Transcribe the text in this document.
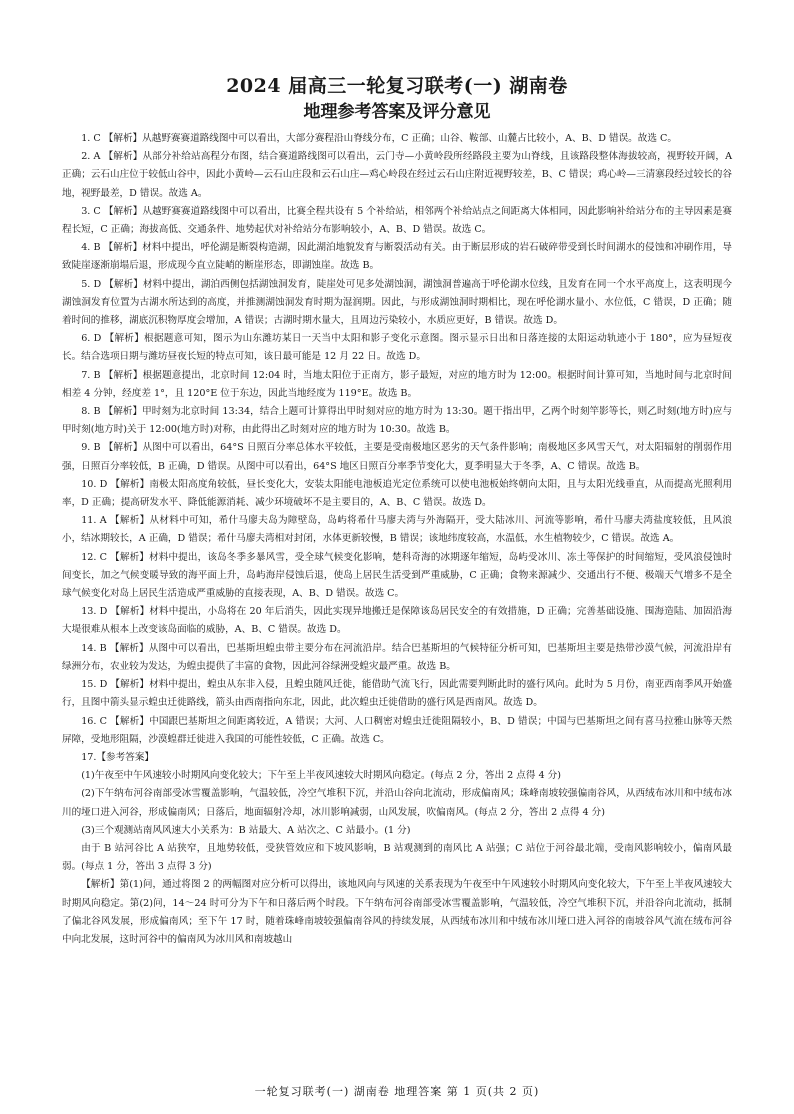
2024 届高三一轮复习联考(一) 湖南卷
地理参考答案及评分意见

1. C 【解析】从越野赛赛道路线图中可以看出，大部分赛程沿山脊线分布，C 正确；山谷、鞍部、山麓占比较小，A、B、D 错误。故选 C。

2. A 【解析】从部分补给站高程分布图，结合赛道路线图可以看出，云门寺—小黄岭段所经路段主要为山脊线，且该路段整体海拔较高，视野较开阔，A 正确；云石山庄位于较低山谷中，因此小黄岭—云石山庄段和云石山庄—鸡心岭段在经过云石山庄附近视野较差，B、C 错误；鸡心岭—三清寨段经过较长的谷地，视野最差，D 错误。故选 A。

3. C 【解析】从越野赛赛道路线图中可以看出，比赛全程共设有 5 个补给站，相邻两个补给站点之间距离大体相同，因此影响补给站分布的主导因素是赛程长短，C 正确；海拔高低、交通条件、地势起伏对补给站分布影响较小，A、B、D 错误。故选 C。

4. B 【解析】材料中提出，呼伦湖是断裂构造湖，因此湖泊地貌发育与断裂活动有关。由于断层形成的岩石破碎带受到长时间湖水的侵蚀和冲刷作用，导致陡崖逐渐崩塌后退，形成现今直立陡峭的断崖形态，即湖蚀崖。故选 B。

5. D 【解析】材料中提出，湖泊西侧包括湖蚀洞发育，陡崖处可见多处湖蚀洞，湖蚀洞普遍高于呼伦湖水位线，且发育在同一个水平高度上，这表明现今湖蚀洞发育位置为古湖水所达到的高度，并推测湖蚀洞发育时期为湿润期。因此，与形成湖蚀洞时期相比，现在呼伦湖水量小、水位低，C 错误，D 正确；随着时间的推移，湖底沉积物厚度会增加，A 错误；古湖时期水量大，且周边污染较小，水质应更好，B 错误。故选 D。

6. D 【解析】根据题意可知，图示为山东潍坊某日一天当中太阳和影子变化示意图。图示显示日出和日落连接的太阳运动轨迹小于 180°，应为昼短夜长。结合选项日期与潍坊昼夜长短的特点可知，该日最可能是 12 月 22 日。故选 D。

7. B 【解析】根据题意提出，北京时间 12:04 时，当地太阳位于正南方，影子最短，对应的地方时为 12:00。根据时间计算可知，当地时间与北京时间相差 4 分钟，经度差 1°，且 120°E 位于东边，因此当地经度为 119°E。故选 B。

8. B 【解析】甲时刻为北京时间 13:34，结合上题可计算得出甲时刻对应的地方时为 13:30。题干指出甲，乙两个时刻竿影等长，则乙时刻(地方时)应与甲时刻(地方时)关于 12:00(地方时)对称，由此得出乙时刻对应的地方时为 10:30。故选 B。

9. B 【解析】从图中可以看出，64°S 日照百分率总体水平较低，主要是受南极地区恶劣的天气条件影响；南极地区多风雪天气，对太阳辐射的削弱作用强，日照百分率较低，B 正确，D 错误。从图中可以看出，64°S 地区日照百分率季节变化大，夏季明显大于冬季，A、C 错误。故选 B。

10. D 【解析】南极太阳高度角较低，昼长变化大，安装太阳能电池板追光定位系统可以使电池板始终朝向太阳，且与太阳光线垂直，从而提高光照利用率，D 正确；提高研发水平、降低能源消耗、减少环境破坏不是主要目的，A、B、C 错误。故选 D。

11. A 【解析】从材料中可知，希什马廖夫岛为障壁岛，岛屿将希什马廖夫湾与外海隔开，受大陆冰川、河流等影响，希什马廖夫湾盐度较低，且风浪小，结冰期较长，A 正确，D 错误；希什马廖夫湾相对封闭，水体更新较慢，B 错误；该地纬度较高，水温低，水生植物较少，C 错误。故选 A。

12. C 【解析】材料中提出，该岛冬季多暴风雪，受全球气候变化影响，楚科奇海的冰期逐年缩短，岛屿受冰川、冻土等保护的时间缩短，受风浪侵蚀时间变长，加之气候变暖导致的海平面上升，岛屿海岸侵蚀后退，使岛上居民生活受到严重威胁，C 正确；食物来源减少、交通出行不便、极端天气增多不是全球气候变化对岛上居民生活造成严重威胁的直接表现，A、B、D 错误。故选 C。

13. D 【解析】材料中提出，小岛将在 20 年后消失，因此实现异地搬迁是保障该岛居民安全的有效措施，D 正确；完善基础设施、围海造陆、加固沿海大堤很难从根本上改变该岛面临的威胁，A、B、C 错误。故选 D。

14. B 【解析】从图中可以看出，巴基斯坦蝗虫带主要分布在河流沿岸。结合巴基斯坦的气候特征分析可知，巴基斯坦主要是热带沙漠气候，河流沿岸有绿洲分布，农业较为发达，为蝗虫提供了丰富的食物，因此河谷绿洲受蝗灾最严重。故选 B。

15. D 【解析】材料中提出，蝗虫从东非入侵，且蝗虫随风迁徙，能借助气流飞行，因此需要判断此时的盛行风向。此时为 5 月份，南亚西南季风开始盛行，且图中箭头显示蝗虫迁徙路线，箭头由西南指向东北，因此，此次蝗虫迁徙借助的盛行风是西南风。故选 D。

16. C 【解析】中国跟巴基斯坦之间距离较近，A 错误；大河、人口稠密对蝗虫迁徙阻隔较小，B、D 错误；中国与巴基斯坦之间有喜马拉雅山脉等天然屏障，受地形阻隔，沙漠蝗群迁徙进入我国的可能性较低，C 正确。故选 C。

17.【参考答案】

(1)午夜至中午风速较小时期风向变化较大；下午至上半夜风速较大时期风向稳定。(每点 2 分，答出 2 点得 4 分)

(2)下午纳布河谷南部受冰雪覆盖影响，气温较低，冷空气堆积下沉，并沿山谷向北流动，形成偏南风；珠峰南坡较强偏南谷风，从西绒布冰川和中绒布冰川的垭口进入河谷，形成偏南风；日落后，地面辐射冷却，冰川影响减弱，山风发展，吹偏南风。(每点 2 分，答出 2 点得 4 分)

(3)三个观测站南风风速大小关系为：B 站最大、A 站次之、C 站最小。(1 分)

由于 B 站河谷比 A 站狭窄，且地势较低，受狭管效应和下坡风影响，B 站观测到的南风比 A 站强；C 站位于河谷最北端，受南风影响较小，偏南风最弱。(每点 1 分，答出 3 点得 3 分)

【解析】第(1)问，通过将图 2 的两幅图对应分析可以得出，该地风向与风速的关系表现为午夜至中午风速较小时期风向变化较大，下午至上半夜风速较大时期风向稳定。第(2)问，14～24 时可分为下午和日落后两个时段。下午纳布河谷南部受冰雪覆盖影响，气温较低，冷空气堆积下沉，并沿谷向北流动，抵制了偏北谷风发展，形成偏南风；至下午 17 时，随着珠峰南坡较强偏南谷风的持续发展，从西绒布冰川和中绒布冰川垭口进入河谷的南坡谷风气流在绒布河谷中向北发展，这时河谷中的偏南风为冰川风和南坡越山

一轮复习联考(一) 湖南卷 地理答案 第 1 页(共 2 页)
